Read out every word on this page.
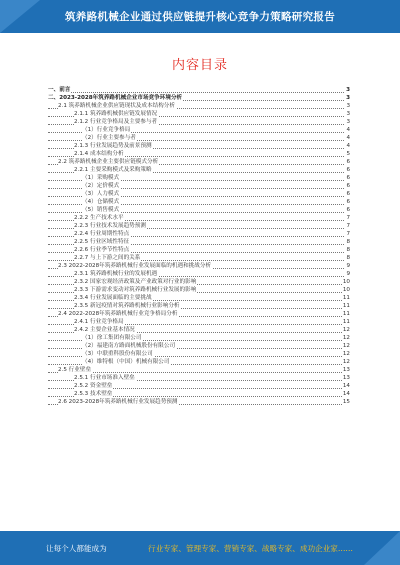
筑养路机械企业通过供应链提升核心竞争力策略研究报告
内容目录
一、前言	3
二、2023-2028年筑养路机械企业市场竞争环境分析	3
2.1 筑养路机械企业供应链现状及成本结构分析	3
2.1.1 筑养路机械供应链发展情况	3
2.1.2 行业竞争格局及主要参与者	3
（1）行业竞争格局	4
（2）行业主要参与者	4
2.1.3 行业发展趋势及前景预测	4
2.1.4 成本结构分析	5
2.2 筑养路机械企业主要供应链模式分析	6
2.2.1 主要采购模式及采购策略	6
（1）采购模式	6
（2）定价模式	6
（3）人力模式	6
（4）仓储模式	6
（5）销售模式	6
2.2.2 生产技术水平	7
2.2.3 行业技术发展趋势预测	7
2.2.4 行业周期性特点	7
2.2.5 行业区域性特征	8
2.2.6 行业季节性特点	8
2.2.7 与上下游之间的关系	8
2.3 2022-2028年筑养路机械行业发展面临的机遇和挑战分析	9
2.3.1 筑养路机械行业的发展机遇	9
2.3.2 国家宏观经济政策及产业政策对行业的影响	10
2.3.3 下游需求变动对筑养路机械行业发展的影响	10
2.3.4 行业发展面临的主要挑战	11
2.3.5 新冠疫情对筑养路机械行业影响分析	11
2.4 2022-2028年筑养路机械行业竞争格局分析	11
2.4.1 行业竞争格局	11
2.4.2 主要企业基本情况	12
（1）徐工集团有限公司	12
（2）福建南方路面机械股份有限公司	12
（3）中联重科股份有限公司	12
（4）维特根（中国）机械有限公司	12
2.5 行业壁垒	13
2.5.1 行业市场准入壁垒	13
2.5.2 资金壁垒	14
2.5.3 技术壁垒	14
2.6 2023-2028年筑养路机械行业发展趋势预测	15
让每个人都能成为	行业专家、管理专家、营销专家、战略专家、成功企业家……
